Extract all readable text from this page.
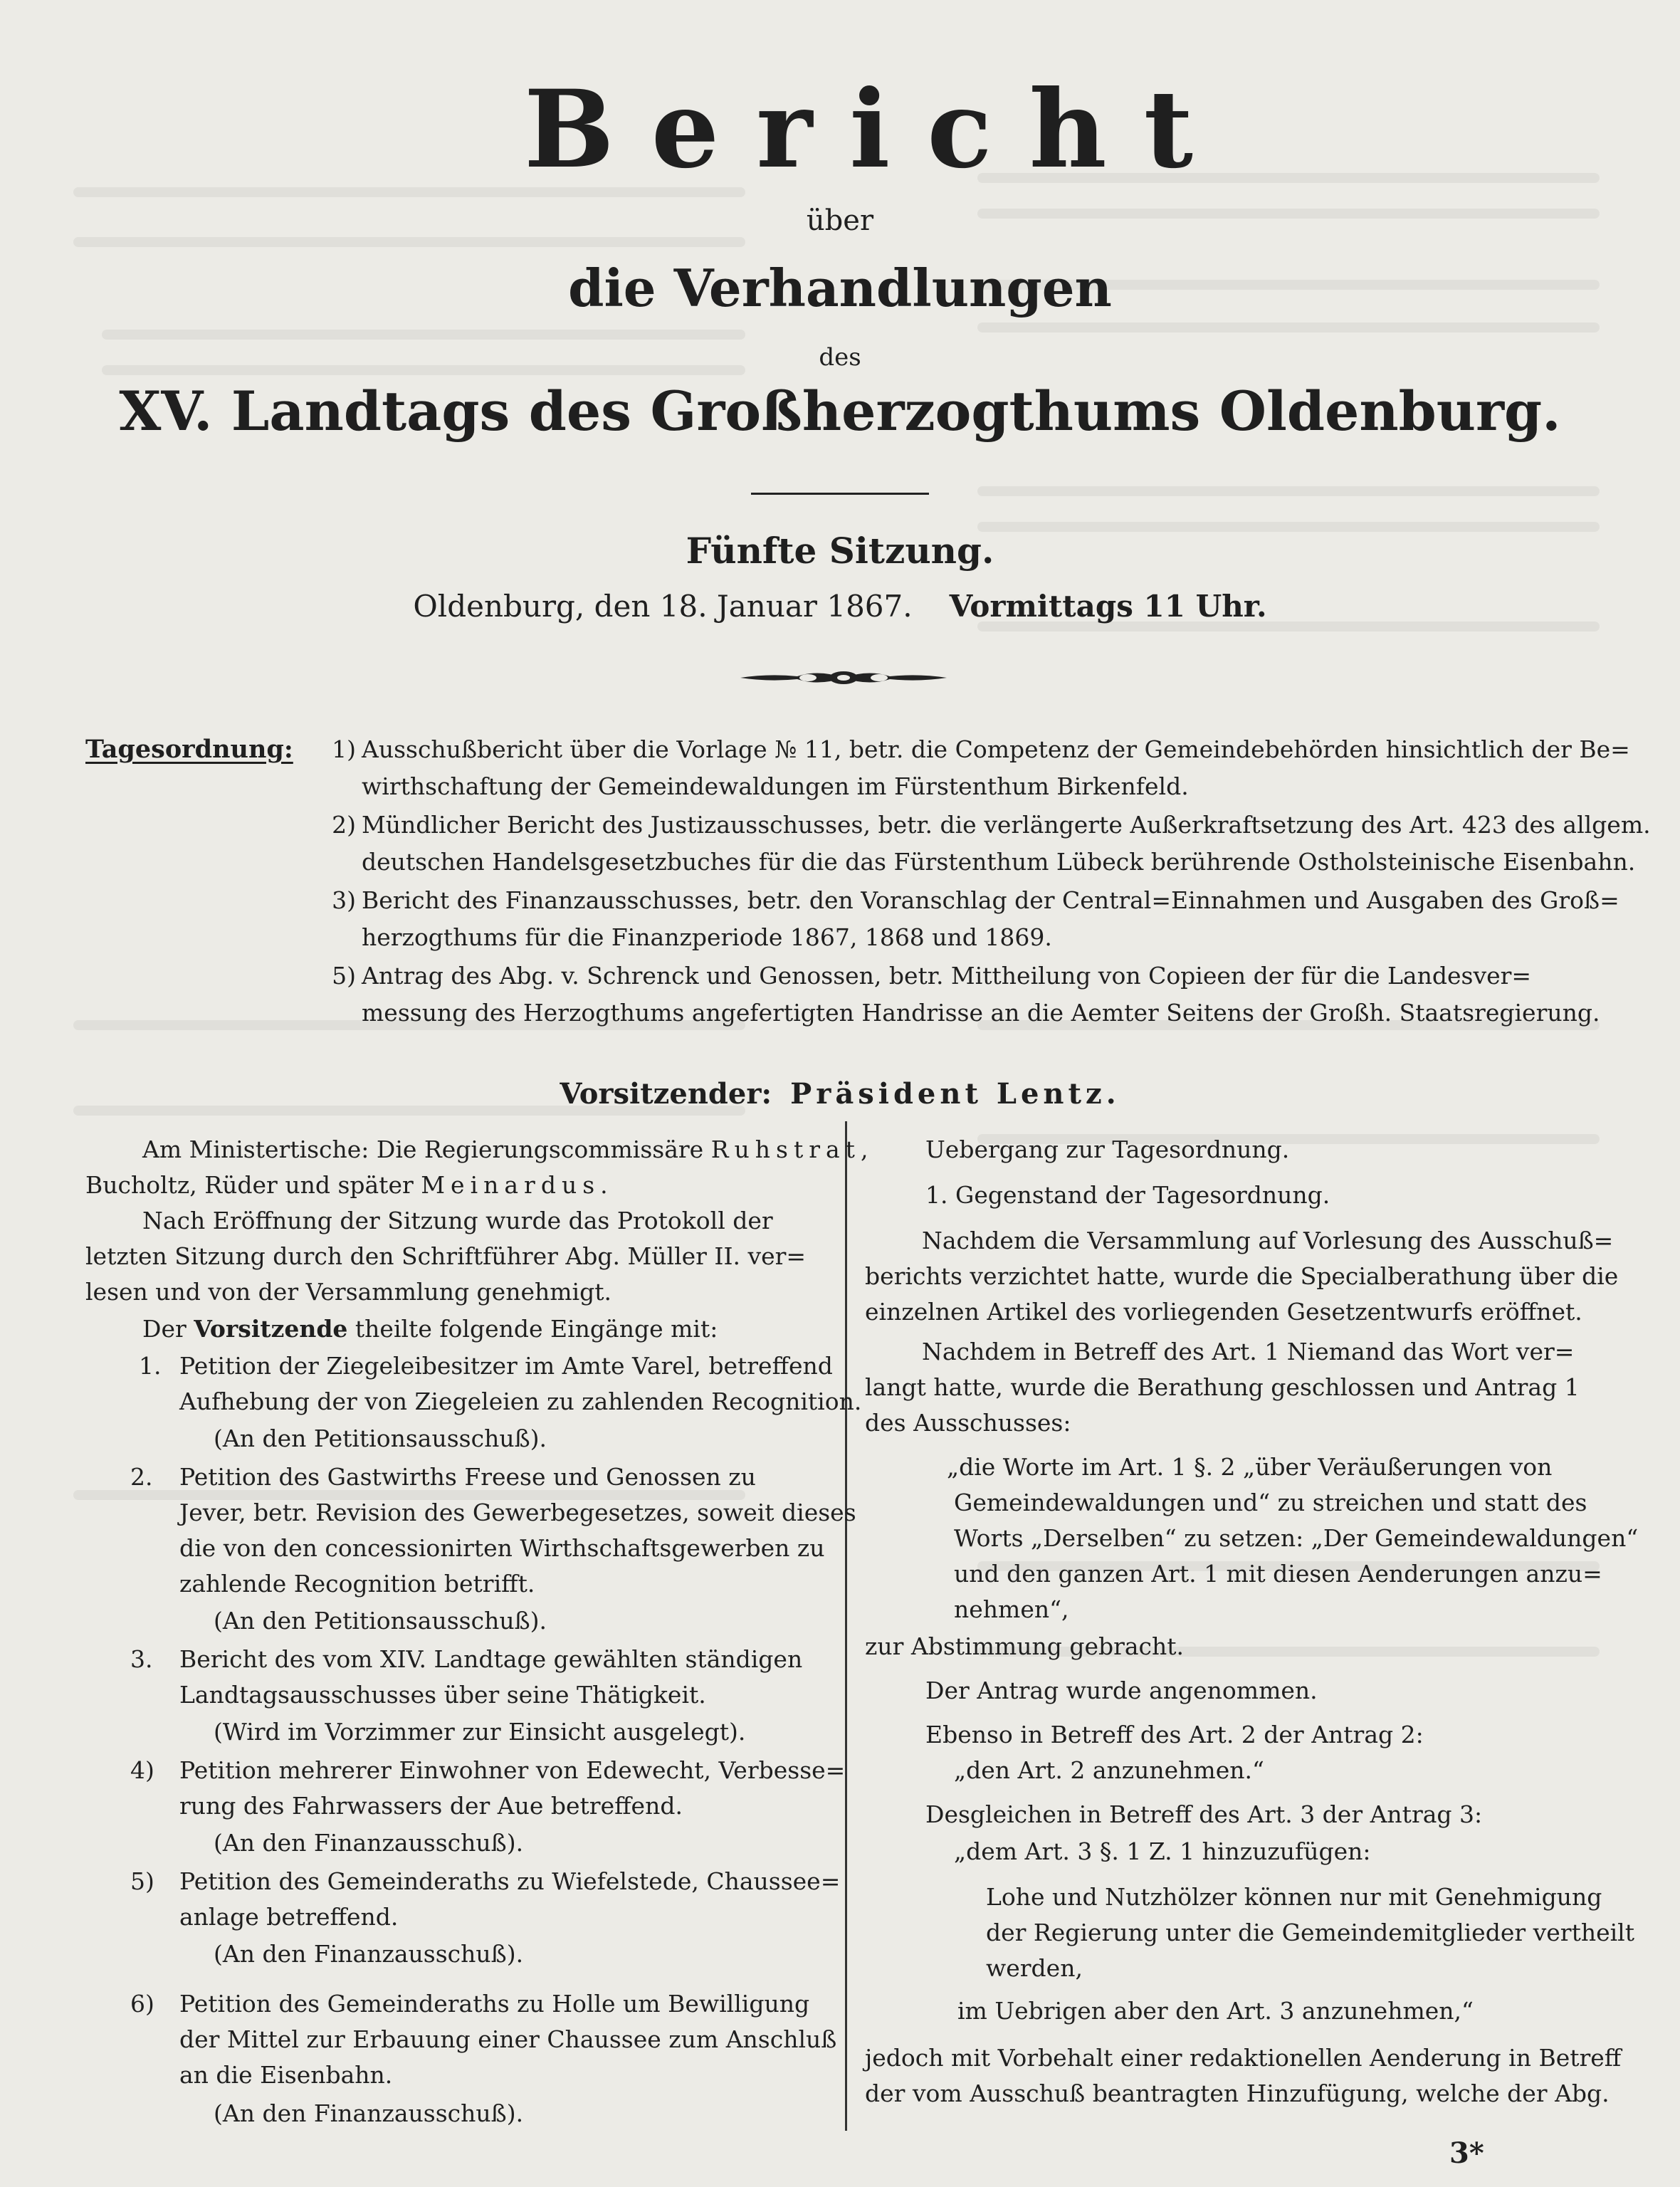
Bericht
über
die Verhandlungen
des
XV. Landtags des Großherzogthums Oldenburg.
Fünfte Sitzung.
Oldenburg, den 18. Januar 1867. Vormittags 11 Uhr.
Tagesordnung:	1) Ausschußbericht über die Vorlage № 11, betr. die Competenz der Gemeindebehörden hinsichtlich der Be=
wirthschaftung der Gemeindewaldungen im Fürstenthum Birkenfeld.
2) Mündlicher Bericht des Justizausschusses, betr. die verlängerte Außerkraftsetzung des Art. 423 des allgem.
deutschen Handelsgesetzbuches für die das Fürstenthum Lübeck berührende Ostholsteinische Eisenbahn.
3) Bericht des Finanzausschusses, betr. den Voranschlag der Central=Einnahmen und Ausgaben des Groß=
herzogthums für die Finanzperiode 1867, 1868 und 1869.
5) Antrag des Abg. v. Schrenck und Genossen, betr. Mittheilung von Copieen der für die Landesver=
messung des Herzogthums angefertigten Handrisse an die Aemter Seitens der Großh. Staatsregierung.
Vorsitzender: Präsident Lentz.
Am Ministertische: Die Regierungscommissäre Ruhstrat,
Bucholtz, Rüder und später Meinardus.
Nach Eröffnung der Sitzung wurde das Protokoll der
letzten Sitzung durch den Schriftführer Abg. Müller II. ver=
lesen und von der Versammlung genehmigt.
Der Vorsitzende theilte folgende Eingänge mit:
1. Petition der Ziegeleibesitzer im Amte Varel, betreffend
Aufhebung der von Ziegeleien zu zahlenden Recognition.
(An den Petitionsausschuß).
2. Petition des Gastwirths Freese und Genossen zu
Jever, betr. Revision des Gewerbegesetzes, soweit dieses
die von den concessionirten Wirthschaftsgewerben zu
zahlende Recognition betrifft.
(An den Petitionsausschuß).
3. Bericht des vom XIV. Landtage gewählten ständigen
Landtagsausschusses über seine Thätigkeit.
(Wird im Vorzimmer zur Einsicht ausgelegt).
4) Petition mehrerer Einwohner von Edewecht, Verbesse=
rung des Fahrwassers der Aue betreffend.
(An den Finanzausschuß).
5) Petition des Gemeinderaths zu Wiefelstede, Chaussee=
anlage betreffend.
(An den Finanzausschuß).
6) Petition des Gemeinderaths zu Holle um Bewilligung
der Mittel zur Erbauung einer Chaussee zum Anschluß
an die Eisenbahn.
(An den Finanzausschuß).
Uebergang zur Tagesordnung.
1. Gegenstand der Tagesordnung.
Nachdem die Versammlung auf Vorlesung des Ausschuß=
berichts verzichtet hatte, wurde die Specialberathung über die
einzelnen Artikel des vorliegenden Gesetzentwurfs eröffnet.
Nachdem in Betreff des Art. 1 Niemand das Wort ver=
langt hatte, wurde die Berathung geschlossen und Antrag 1
des Ausschusses:
„die Worte im Art. 1 §. 2 „über Veräußerungen von
Gemeindewaldungen und“ zu streichen und statt des
Worts „Derselben“ zu setzen: „Der Gemeindewaldungen“
und den ganzen Art. 1 mit diesen Aenderungen anzu=
nehmen“,
zur Abstimmung gebracht.
Der Antrag wurde angenommen.
Ebenso in Betreff des Art. 2 der Antrag 2:
„den Art. 2 anzunehmen.“
Desgleichen in Betreff des Art. 3 der Antrag 3:
„dem Art. 3 §. 1 Z. 1 hinzuzufügen:
Lohe und Nutzhölzer können nur mit Genehmigung
der Regierung unter die Gemeindemitglieder vertheilt
werden,
im Uebrigen aber den Art. 3 anzunehmen,“
jedoch mit Vorbehalt einer redaktionellen Aenderung in Betreff
der vom Ausschuß beantragten Hinzufügung, welche der Abg.
3*
